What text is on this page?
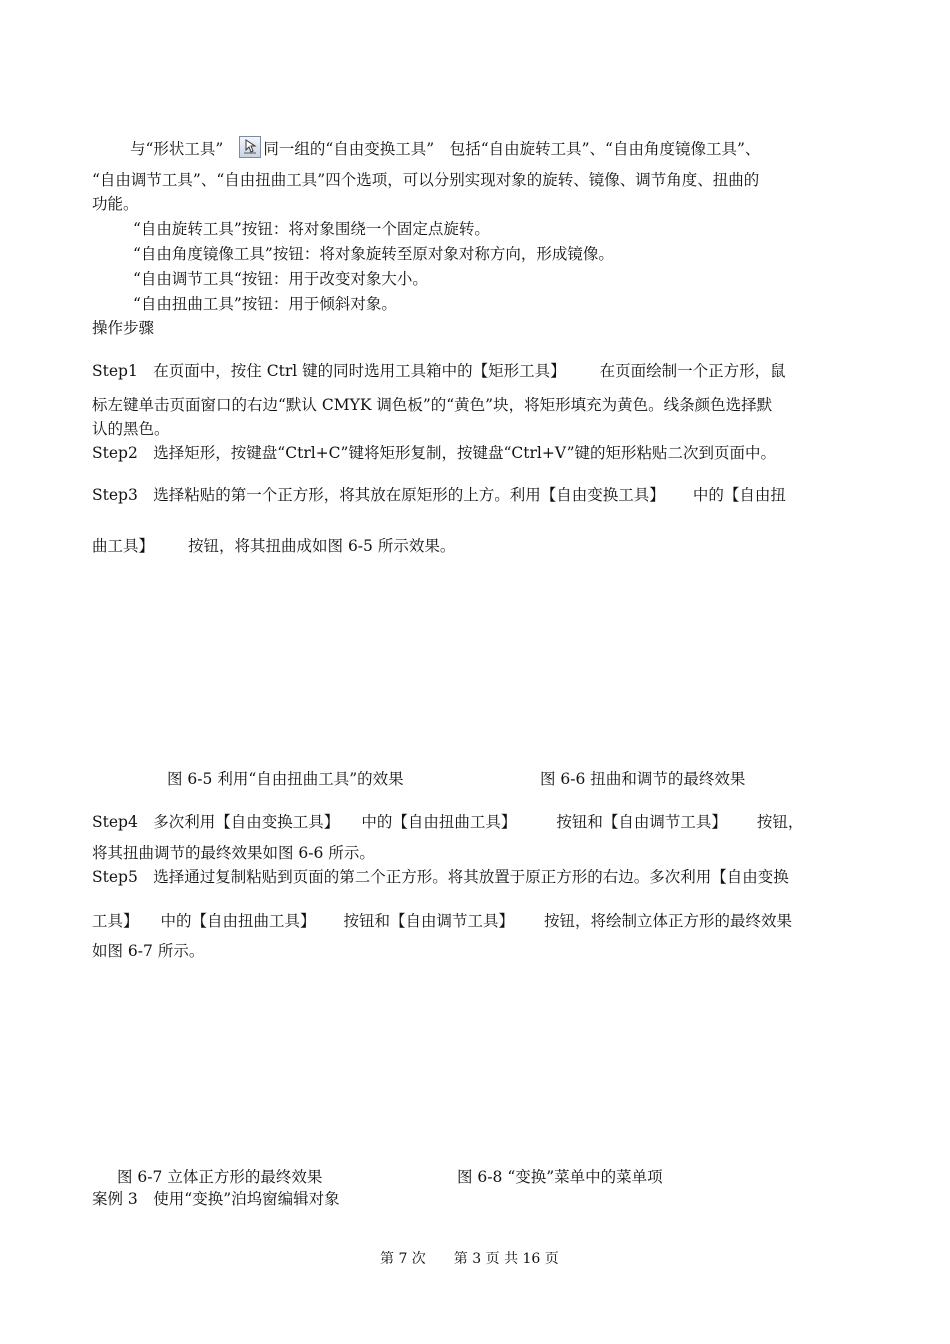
与“形状工具”	同一组的“自由变换工具”　包括“自由旋转工具”、“自由角度镜像工具”、
“自由调节工具”、“自由扭曲工具”四个选项，可以分别实现对象的旋转、镜像、调节角度、扭曲的
功能。
“自由旋转工具”按钮：将对象围绕一个固定点旋转。
“自由角度镜像工具”按钮：将对象旋转至原对象对称方向，形成镜像。
“自由调节工具“按钮：用于改变对象大小。
“自由扭曲工具”按钮：用于倾斜对象。
操作步骤
Step1　在页面中，按住 Ctrl 键的同时选用工具箱中的【矩形工具】 在页面绘制一个正方形，鼠
标左键单击页面窗口的右边“默认 CMYK 调色板”的“黄色”块，将矩形填充为黄色。线条颜色选择默
认的黑色。
Step2　选择矩形，按键盘“Ctrl+C”键将矩形复制，按键盘“Ctrl+V”键的矩形粘贴二次到页面中。
Step3　选择粘贴的第一个正方形，将其放在原矩形的上方。利用【自由变换工具】 中的【自由扭
曲工具】 按钮，将其扭曲成如图 6-5 所示效果。
图 6-5 利用“自由扭曲工具”的效果	图 6-6 扭曲和调节的最终效果
Step4　多次利用【自由变换工具】 中的【自由扭曲工具】	按钮和【自由调节工具】 按钮，
将其扭曲调节的最终效果如图 6-6 所示。
Step5　选择通过复制粘贴到页面的第二个正方形。将其放置于原正方形的右边。多次利用【自由变换
工具】 中的【自由扭曲工具】 按钮和【自由调节工具】 按钮，将绘制立体正方形的最终效果
如图 6-7 所示。
图 6-7 立体正方形的最终效果	图 6-8 “变换”菜单中的菜单项
案例 3　使用“变换”泊坞窗编辑对象
第 7 次　　第 3 页 共 16 页
